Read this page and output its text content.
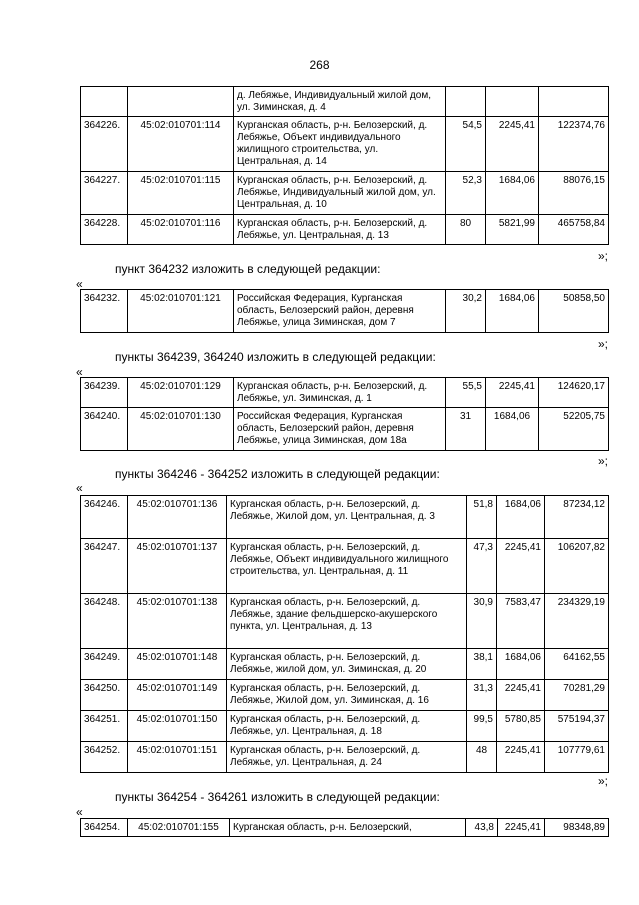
268
		д. Лебяжье, Индивидуальный жилой дом, ул. Зиминская, д. 4			
364226.	45:02:010701:114	Курганская область, р-н. Белозерский, д. Лебяжье, Объект индивидуального жилищного строительства, ул. Центральная, д. 14	54,5	2245,41	122374,76
364227.	45:02:010701:115	Курганская область, р-н. Белозерский, д. Лебяжье, Индивидуальный жилой дом, ул. Центральная, д. 10	52,3	1684,06	88076,15
364228.	45:02:010701:116	Курганская область, р-н. Белозерский, д. Лебяжье, ул. Центральная, д. 13	80	5821,99	465758,84
»;
пункт 364232 изложить в следующей редакции:
«
364232.	45:02:010701:121	Российская Федерация, Курганская область, Белозерский район, деревня Лебяжье, улица Зиминская, дом 7	30,2	1684,06	50858,50
»;
пункты 364239, 364240 изложить в следующей редакции:
«
364239.	45:02:010701:129	Курганская область, р-н. Белозерский, д. Лебяжье, ул. Зиминская, д. 1	55,5	2245,41	124620,17
364240.	45:02:010701:130	Российская Федерация, Курганская область, Белозерский район, деревня Лебяжье, улица Зиминская, дом 18а	31	1684,06	52205,75
»;
пункты 364246 - 364252 изложить в следующей редакции:
«
364246.	45:02:010701:136	Курганская область, р-н. Белозерский, д. Лебяжье, Жилой дом, ул. Центральная, д. 3	51,8	1684,06	87234,12
364247.	45:02:010701:137	Курганская область, р-н. Белозерский, д. Лебяжье, Объект индивидуального жилищного строительства, ул. Центральная, д. 11	47,3	2245,41	106207,82
364248.	45:02:010701:138	Курганская область, р-н. Белозерский, д. Лебяжье, здание фельдшерско-акушерского пункта, ул. Центральная, д. 13	30,9	7583,47	234329,19
364249.	45:02:010701:148	Курганская область, р-н. Белозерский, д. Лебяжье, жилой дом, ул. Зиминская, д. 20	38,1	1684,06	64162,55
364250.	45:02:010701:149	Курганская область, р-н. Белозерский, д. Лебяжье, Жилой дом, ул. Зиминская, д. 16	31,3	2245,41	70281,29
364251.	45:02:010701:150	Курганская область, р-н. Белозерский, д. Лебяжье, ул. Центральная, д. 18	99,5	5780,85	575194,37
364252.	45:02:010701:151	Курганская область, р-н. Белозерский, д. Лебяжье, ул. Центральная, д. 24	48	2245,41	107779,61
»;
пункты 364254 - 364261 изложить в следующей редакции:
«
364254.	45:02:010701:155	Курганская область, р-н. Белозерский,	43,8	2245,41	98348,89
